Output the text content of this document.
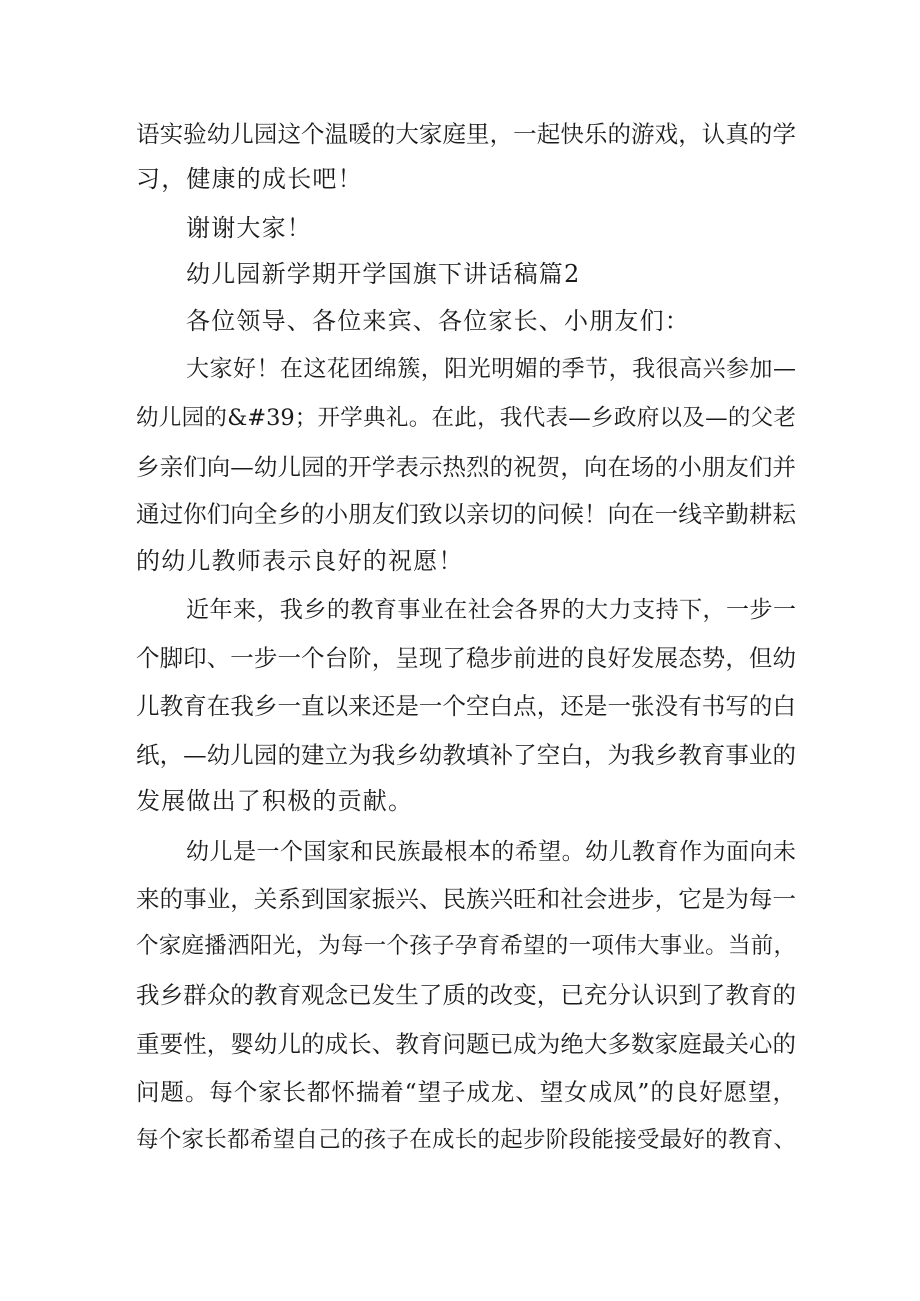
语实验幼儿园这个温暖的大家庭里，一起快乐的游戏，认真的学
习，健康的成长吧！
谢谢大家！
幼儿园新学期开学国旗下讲话稿篇2
各位领导、各位来宾、各位家长、小朋友们：
大家好！在这花团绵簇，阳光明媚的季节，我很高兴参加—
幼儿园的&#39；开学典礼。在此，我代表—乡政府以及—的父老
乡亲们向—幼儿园的开学表示热烈的祝贺，向在场的小朋友们并
通过你们向全乡的小朋友们致以亲切的问候！向在一线辛勤耕耘
的幼儿教师表示良好的祝愿！
近年来，我乡的教育事业在社会各界的大力支持下，一步一
个脚印、一步一个台阶，呈现了稳步前进的良好发展态势，但幼
儿教育在我乡一直以来还是一个空白点，还是一张没有书写的白
纸，—幼儿园的建立为我乡幼教填补了空白，为我乡教育事业的
发展做出了积极的贡献。
幼儿是一个国家和民族最根本的希望。幼儿教育作为面向未
来的事业，关系到国家振兴、民族兴旺和社会进步，它是为每一
个家庭播洒阳光，为每一个孩子孕育希望的一项伟大事业。当前，
我乡群众的教育观念已发生了质的改变，已充分认识到了教育的
重要性，婴幼儿的成长、教育问题已成为绝大多数家庭最关心的
问题。每个家长都怀揣着“望子成龙、望女成凤”的良好愿望，
每个家长都希望自己的孩子在成长的起步阶段能接受最好的教育、
